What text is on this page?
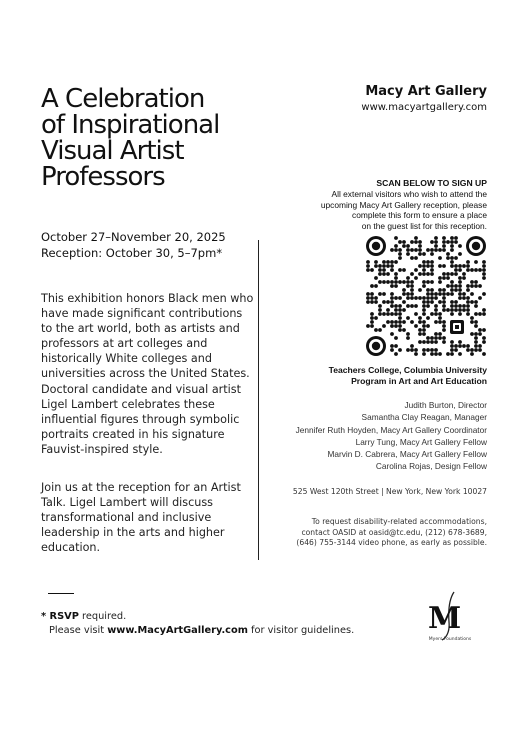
A Celebration
of Inspirational
Visual Artist
Professors
October 27–November 20, 2025
Reception: October 30, 5–7pm*
This exhibition honors Black men who have made significant contributions to the art world, both as artists and professors at art colleges and historically White colleges and universities across the United States. Doctoral candidate and visual artist Ligel Lambert celebrates these influential figures through symbolic portraits created in his signature Fauvist-inspired style.
Join us at the reception for an Artist Talk. Ligel Lambert will discuss transformational and inclusive leadership in the arts and higher education.
Macy Art Gallery
www.macyartgallery.com
SCAN BELOW TO SIGN UP
All external visitors who wish to attend the
upcoming Macy Art Gallery reception, please
complete this form to ensure a place
on the guest list for this reception.
Teachers College, Columbia University
Program in Art and Art Education
Judith Burton, Director
Samantha Clay Reagan, Manager
Jennifer Ruth Hoyden, Macy Art Gallery Coordinator
Larry Tung, Macy Art Gallery Fellow
Marvin D. Cabrera, Macy Art Gallery Fellow
Carolina Rojas, Design Fellow
525 West 120th Street | New York, New York 10027
To request disability-related accommodations,
contact OASID at oasid@tc.edu, (212) 678-3689,
(646) 755-3144 video phone, as early as possible.
* RSVP required.
Please visit www.MacyArtGallery.com for visitor guidelines. M
Myers Foundations
